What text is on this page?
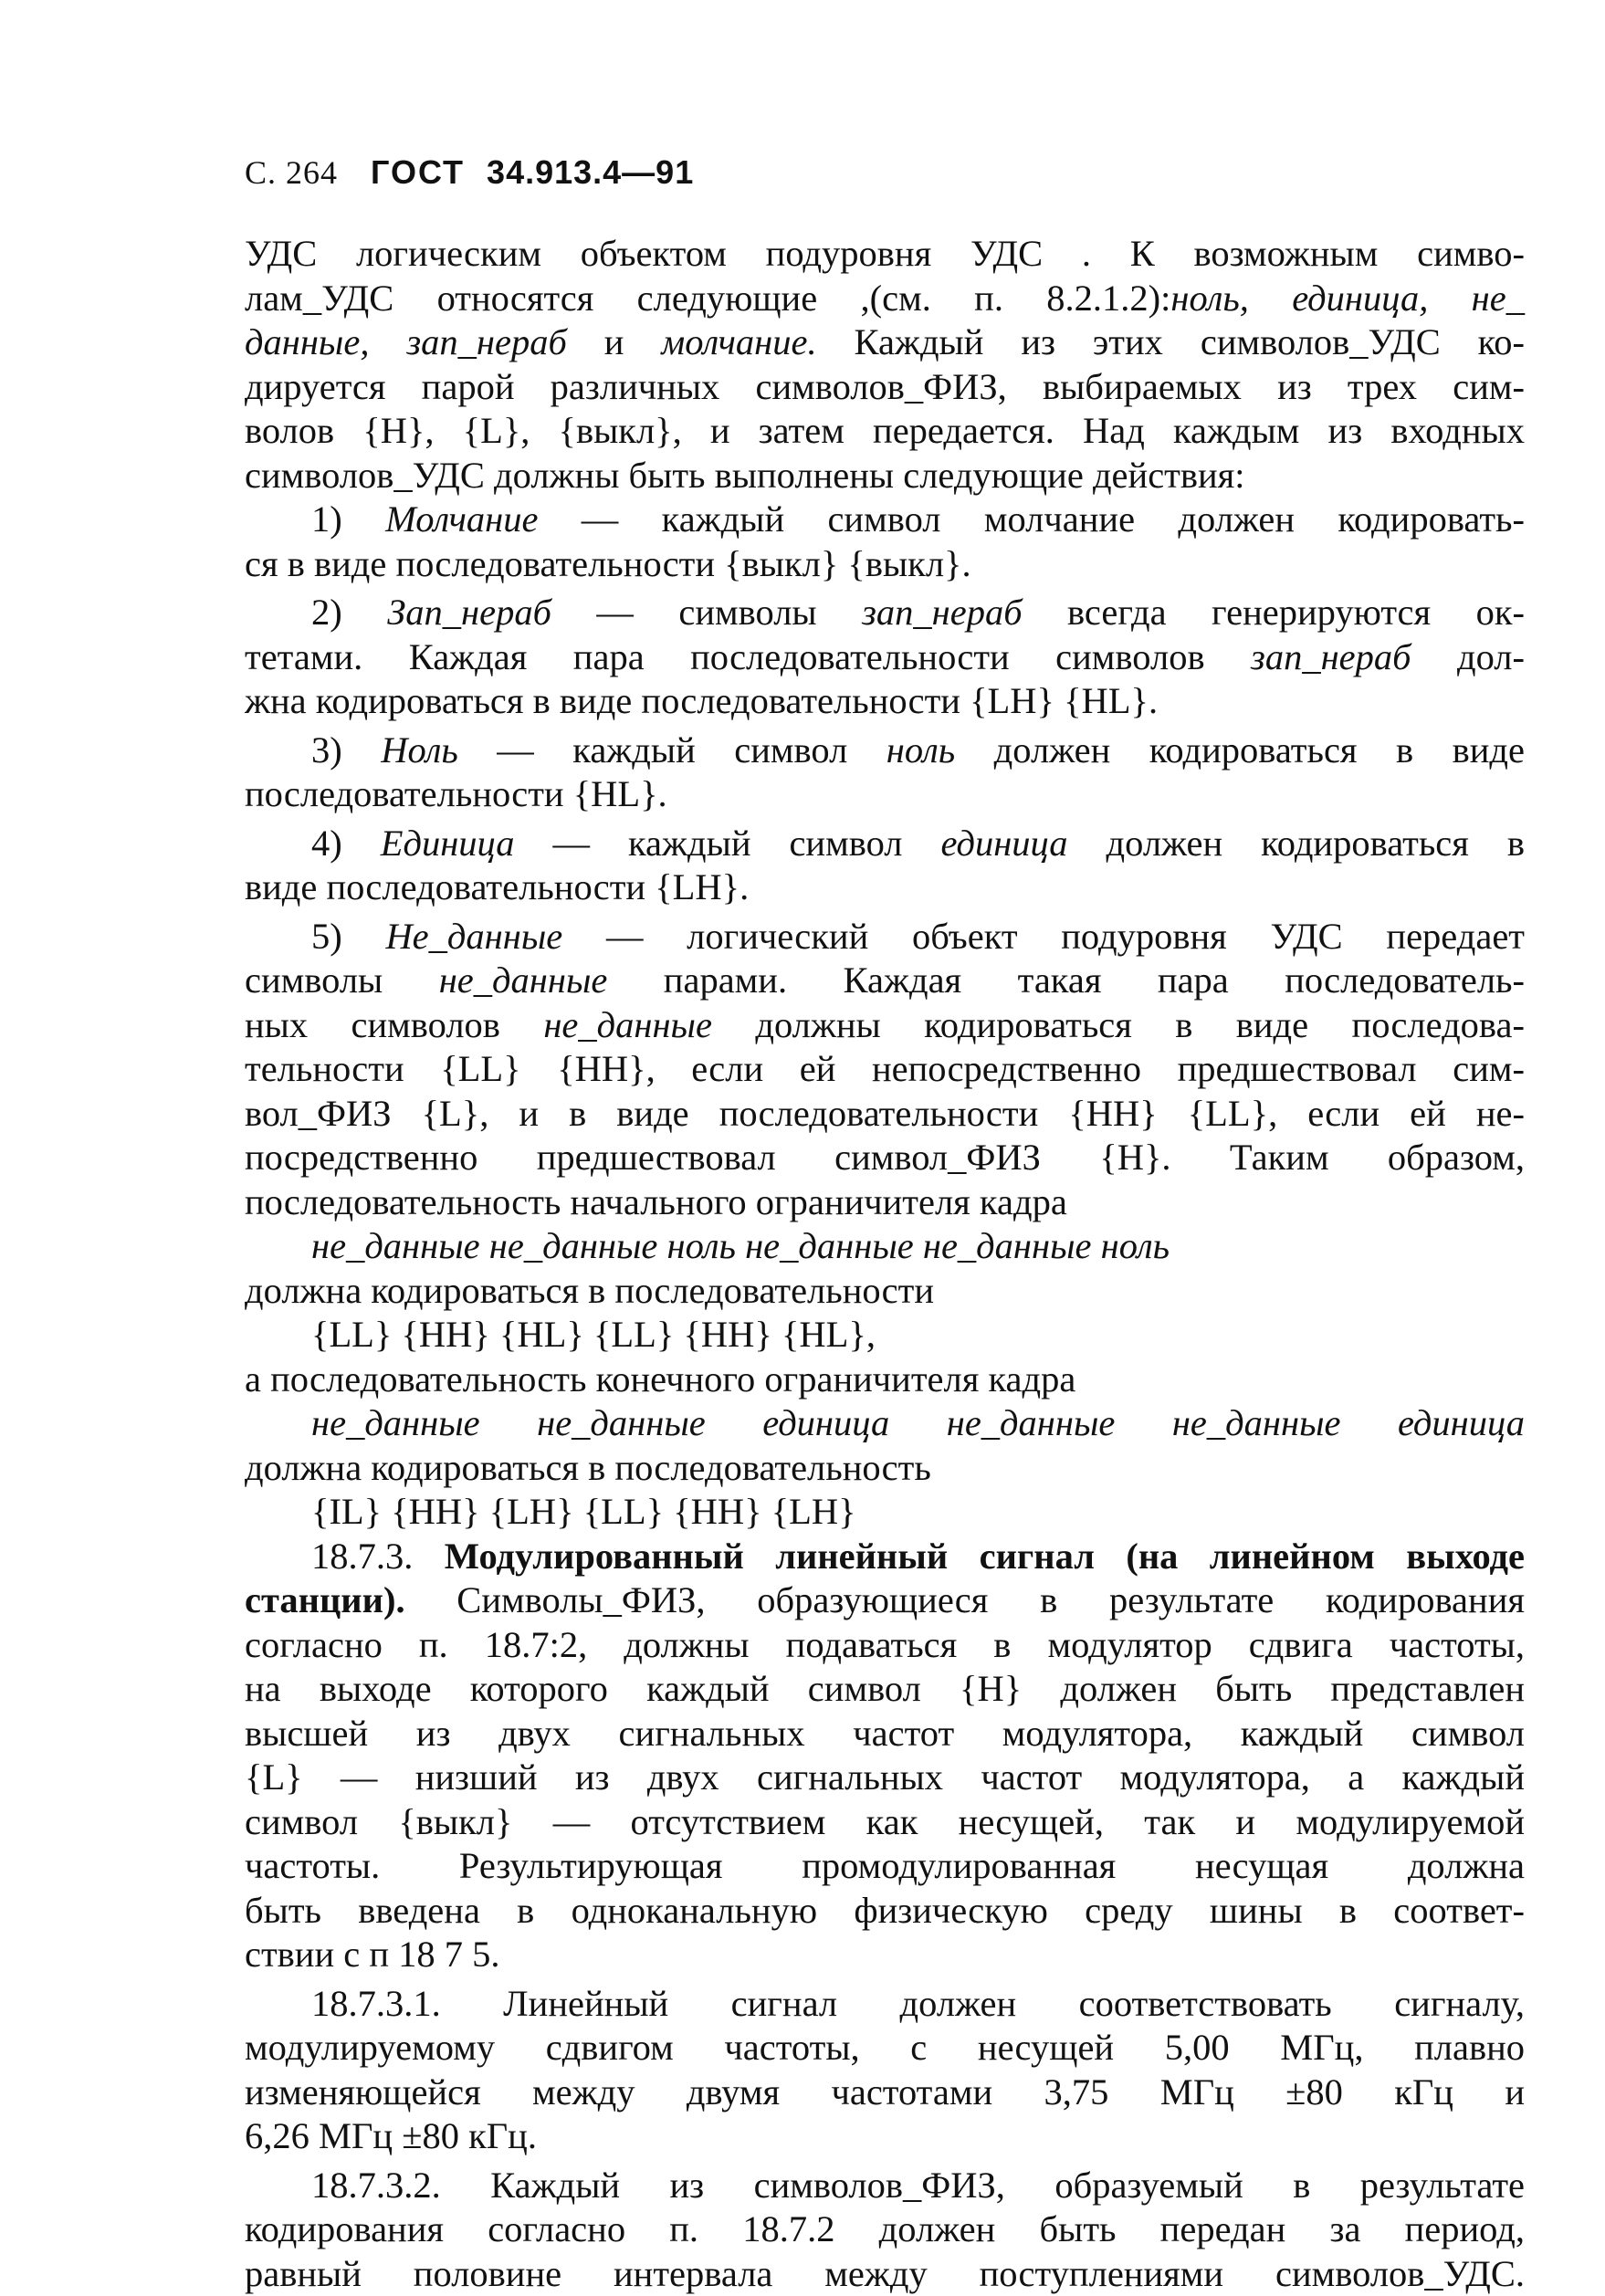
С. 264 ГОСТ 34.913.4—91
УДС логическим объектом подуровня УДС . К возможным симво-
лам_УДС относятся следующие ,(см. п. 8.2.1.2):ноль, единица, не_
данные, зап_нераб и молчание. Каждый из этих символов_УДС ко-
дируется парой различных символов_ФИЗ, выбираемых из трех сим-
волов {H}, {L}, {выкл}, и затем передается. Над каждым из входных
символов_УДС должны быть выполнены следующие действия:
1) Молчание — каждый символ молчание должен кодировать-
ся в виде последовательности {выкл} {выкл}.
2) Зап_нераб — символы зап_нераб всегда генерируются ок-
тетами. Каждая пара последовательности символов зап_нераб дол-
жна кодироваться в виде последовательности {LH} {HL}.
3) Ноль — каждый символ ноль должен кодироваться в виде
последовательности {HL}.
4) Единица — каждый символ единица должен кодироваться в
виде последовательности {LH}.
5) Не_данные — логический объект подуровня УДС передает
символы не_данные парами. Каждая такая пара последователь-
ных символов не_данные должны кодироваться в виде последова-
тельности {LL} {HH}, если ей непосредственно предшествовал сим-
вол_ФИЗ {L}, и в виде последовательности {HH} {LL}, если ей не-
посредственно предшествовал символ_ФИЗ {H}. Таким образом,
последовательность начального ограничителя кадра
не_данные не_данные ноль не_данные не_данные ноль
должна кодироваться в последовательности
{LL} {HH} {HL} {LL} {HH} {HL},
а последовательность конечного ограничителя кадра
не_данные не_данные единица не_данные не_данные единица
должна кодироваться в последовательность
{IL} {HH} {LH} {LL} {HH} {LH}
18.7.3. Модулированный линейный сигнал (на линейном выходе
станции). Символы_ФИЗ, образующиеся в результате кодирования
согласно п. 18.7:2, должны подаваться в модулятор сдвига частоты,
на выходе которого каждый символ {H} должен быть представлен
высшей из двух сигнальных частот модулятора, каждый символ
{L} — низший из двух сигнальных частот модулятора, а каждый
символ {выкл} — отсутствием как несущей, так и модулируемой
частоты. Результирующая промодулированная несущая должна
быть введена в одноканальную физическую среду шины в соответ-
ствии с п 18 7 5.
18.7.3.1. Линейный сигнал должен соответствовать сигналу,
модулируемому сдвигом частоты, с несущей 5,00 МГц, плавно
изменяющейся между двумя частотами 3,75 МГц ±80 кГц и
6,26 МГц ±80 кГц.
18.7.3.2. Каждый из символов_ФИЗ, образуемый в результате
кодирования согласно п. 18.7.2 должен быть передан за период,
равный половине интервала между поступлениями символов_УДС.
